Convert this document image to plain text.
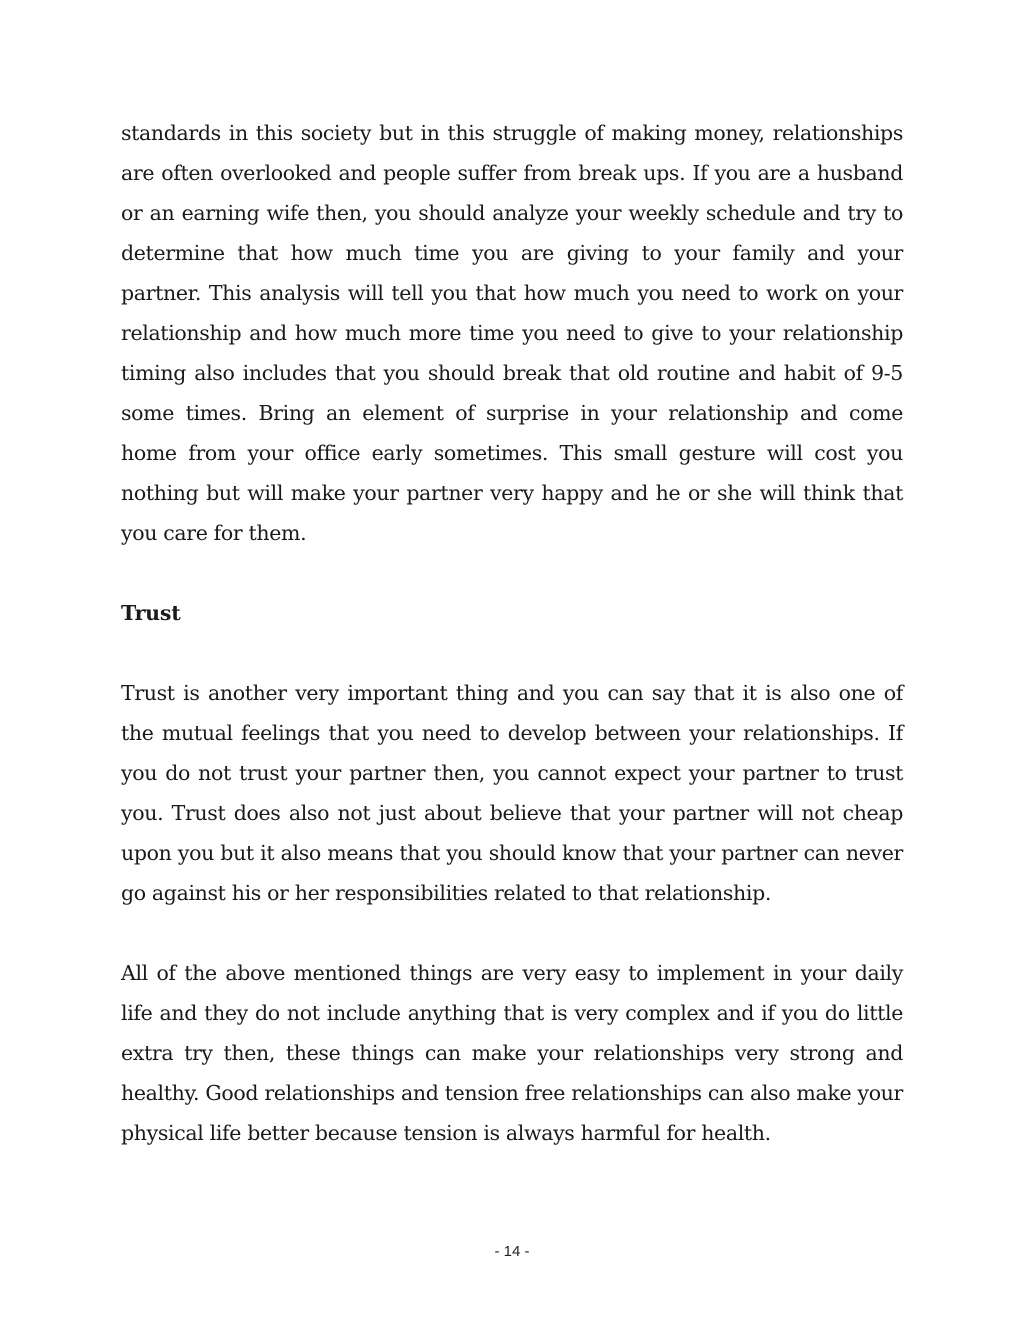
standards in this society but in this struggle of making money, relationships are often overlooked and people suffer from break ups. If you are a husband or an earning wife then, you should analyze your weekly schedule and try to determine that how much time you are giving to your family and your partner. This analysis will tell you that how much you need to work on your relationship and how much more time you need to give to your relationship timing also includes that you should break that old routine and habit of 9-5 some times. Bring an element of surprise in your relationship and come home from your office early sometimes. This small gesture will cost you nothing but will make your partner very happy and he or she will think that you care for them.

Trust

Trust is another very important thing and you can say that it is also one of the mutual feelings that you need to develop between your relationships. If you do not trust your partner then, you cannot expect your partner to trust you. Trust does also not just about believe that your partner will not cheap upon you but it also means that you should know that your partner can never go against his or her responsibilities related to that relationship.

All of the above mentioned things are very easy to implement in your daily life and they do not include anything that is very complex and if you do little extra try then, these things can make your relationships very strong and healthy. Good relationships and tension free relationships can also make your physical life better because tension is always harmful for health.

- 14 -
